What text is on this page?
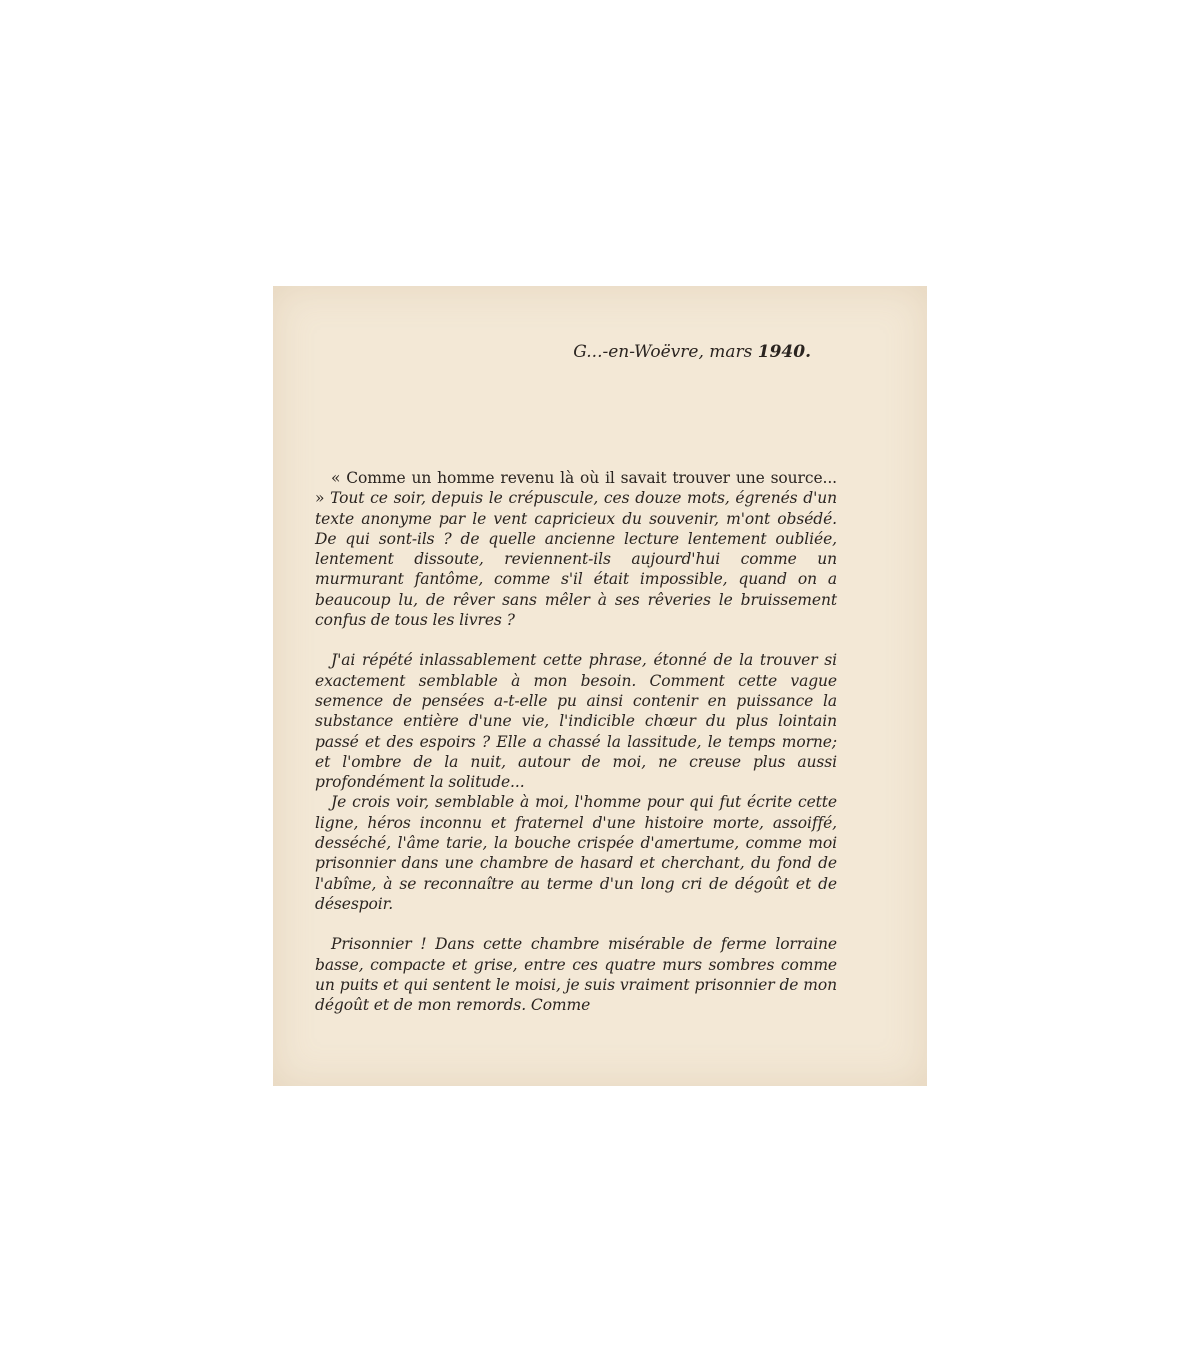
G...-en-Woëvre, mars 1940.

« Comme un homme revenu là où il savait trouver une source... » Tout ce soir, depuis le crépuscule, ces douze mots, égrenés d'un texte anonyme par le vent capricieux du souvenir, m'ont obsédé. De qui sont-ils ? de quelle ancienne lecture lentement oubliée, lentement dissoute, reviennent-ils aujourd'hui comme un murmurant fantôme, comme s'il était impossible, quand on a beaucoup lu, de rêver sans mêler à ses rêveries le bruissement confus de tous les livres ?

J'ai répété inlassablement cette phrase, étonné de la trouver si exactement semblable à mon besoin. Comment cette vague semence de pensées a-t-elle pu ainsi contenir en puissance la substance entière d'une vie, l'indicible chœur du plus lointain passé et des espoirs ? Elle a chassé la lassitude, le temps morne; et l'ombre de la nuit, autour de moi, ne creuse plus aussi profondément la solitude...

Je crois voir, semblable à moi, l'homme pour qui fut écrite cette ligne, héros inconnu et fraternel d'une histoire morte, assoiffé, desséché, l'âme tarie, la bouche crispée d'amertume, comme moi prisonnier dans une chambre de hasard et cherchant, du fond de l'abîme, à se reconnaître au terme d'un long cri de dégoût et de désespoir.

Prisonnier ! Dans cette chambre misérable de ferme lorraine basse, compacte et grise, entre ces quatre murs sombres comme un puits et qui sentent le moisi, je suis vraiment prisonnier de mon dégoût et de mon remords. Comme
